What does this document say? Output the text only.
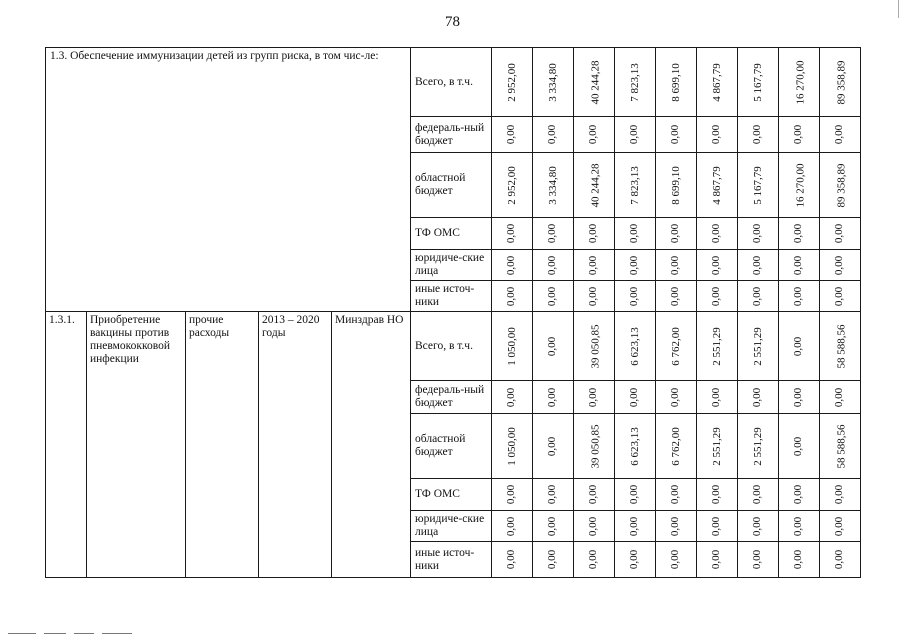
78
1.3. Обеспечение иммунизации детей из групп риска, в том чис-ле:					Всего, в т.ч.	2 952,00	3 334,80	40 244,28	7 823,13	8 699,10	4 867,79	5 167,79	16 270,00	89 358,89
					федераль-ный бюджет	0,00	0,00	0,00	0,00	0,00	0,00	0,00	0,00	0,00
					областной бюджет	2 952,00	3 334,80	40 244,28	7 823,13	8 699,10	4 867,79	5 167,79	16 270,00	89 358,89
					ТФ ОМС	0,00	0,00	0,00	0,00	0,00	0,00	0,00	0,00	0,00
					юридиче-ские лица	0,00	0,00	0,00	0,00	0,00	0,00	0,00	0,00	0,00
					иные источ-ники	0,00	0,00	0,00	0,00	0,00	0,00	0,00	0,00	0,00
1.3.1.	Приобретение вакцины против пневмококковой инфекции	прочие расходы	2013 – 2020 годы	Минздрав НО	Всего, в т.ч.	1 050,00	0,00	39 050,85	6 623,13	6 762,00	2 551,29	2 551,29	0,00	58 588,56
					федераль-ный бюджет	0,00	0,00	0,00	0,00	0,00	0,00	0,00	0,00	0,00
					областной бюджет	1 050,00	0,00	39 050,85	6 623,13	6 762,00	2 551,29	2 551,29	0,00	58 588,56
					ТФ ОМС	0,00	0,00	0,00	0,00	0,00	0,00	0,00	0,00	0,00
					юридиче-ские лица	0,00	0,00	0,00	0,00	0,00	0,00	0,00	0,00	0,00
					иные источ-ники	0,00	0,00	0,00	0,00	0,00	0,00	0,00	0,00	0,00
